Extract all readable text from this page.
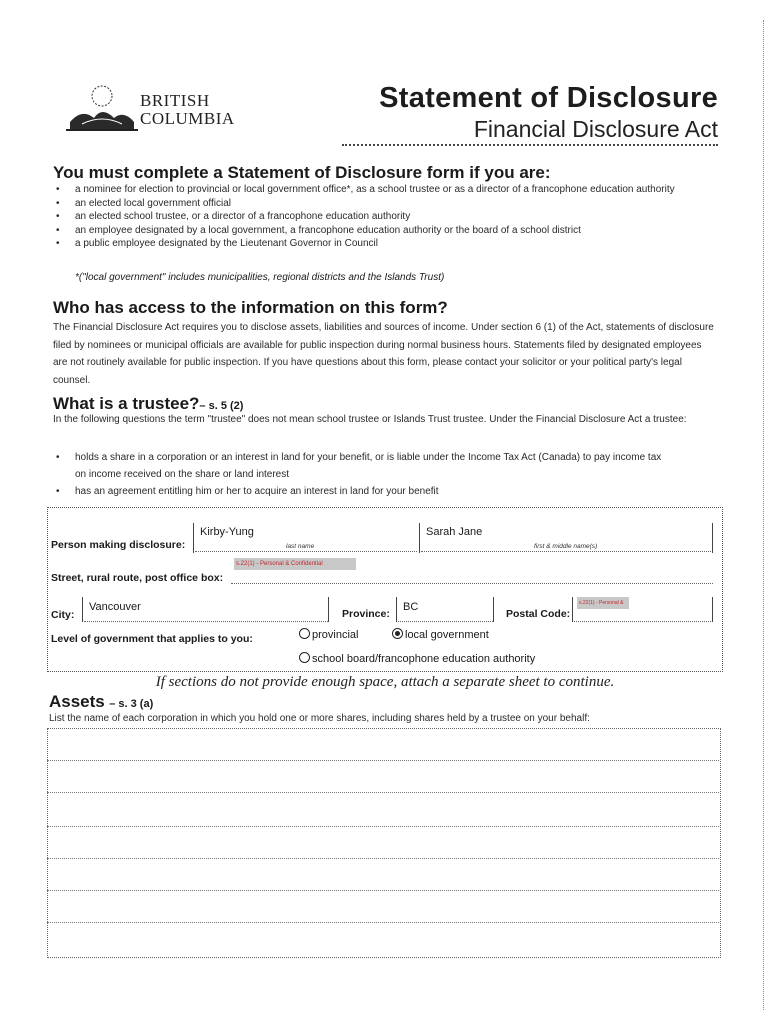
BRITISH
COLUMBIA
Statement of Disclosure
Financial Disclosure Act
You must complete a Statement of Disclosure form if you are:
• a nominee for election to provincial or local government office*, as a school trustee or as a director of a francophone education authority
• an elected local government official
• an elected school trustee, or a director of a francophone education authority
• an employee designated by a local government, a francophone education authority or the board of a school district
• a public employee designated by the Lieutenant Governor in Council
*("local government" includes municipalities, regional districts and the Islands Trust)
Who has access to the information on this form?
The Financial Disclosure Act requires you to disclose assets, liabilities and sources of income. Under section 6 (1) of the Act, statements of disclosure filed by nominees or municipal officials are available for public inspection during normal business hours. Statements filed by designated employees are not routinely available for public inspection. If you have questions about this form, please contact your solicitor or your political party's legal counsel.
What is a trustee?– s. 5 (2)
In the following questions the term "trustee" does not mean school trustee or Islands Trust trustee. Under the Financial Disclosure Act a trustee:
• holds a share in a corporation or an interest in land for your benefit, or is liable under the Income Tax Act (Canada) to pay income tax on income received on the share or land interest
• has an agreement entitling him or her to acquire an interest in land for your benefit
Person making disclosure:
Kirby-Yung
last name
Sarah Jane
first & middle name(s)
Street, rural route, post office box:
s.22(1) - Personal & Confidential
City:
Vancouver
Province:
BC
Postal Code:
s.22(1) - Personal &
Level of government that applies to you:	provincial	local government
school board/francophone education authority
If sections do not provide enough space, attach a separate sheet to continue.
Assets – s. 3 (a)
List the name of each corporation in which you hold one or more shares, including shares held by a trustee on your behalf:
